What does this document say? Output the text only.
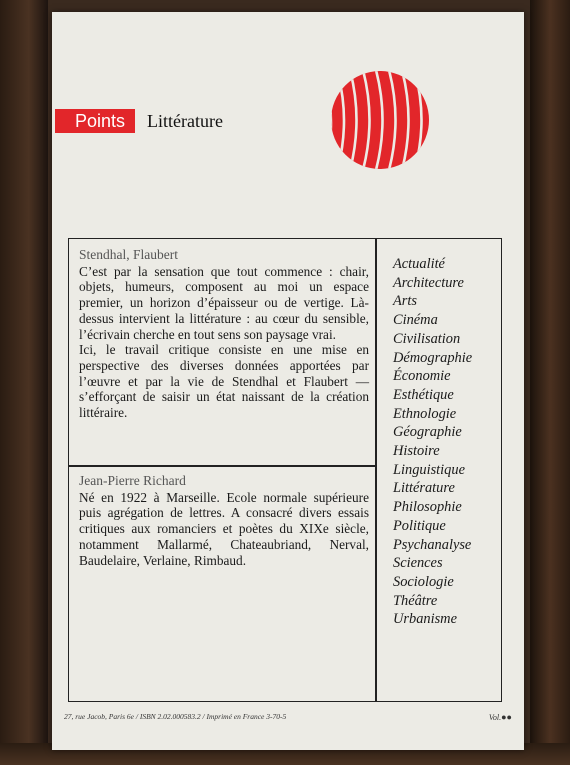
Points	Littérature
Stendhal, Flaubert

C’est par la sensation que tout commence : chair, objets, humeurs, composent au moi un espace premier, un horizon d’épaisseur ou de vertige. Là-dessus intervient la littérature : au cœur du sensible, l’écrivain cherche en tout sens son paysage vrai.

Ici, le travail critique consiste en une mise en perspective des diverses données apportées par l’œuvre et par la vie de Stendhal et Flaubert — s’efforçant de saisir un état naissant de la création littéraire.

Jean-Pierre Richard

Né en 1922 à Marseille. Ecole normale supérieure puis agrégation de lettres. A consacré divers essais critiques aux romanciers et poètes du XIXe siècle, notamment Mallarmé, Chateaubriand, Nerval, Baudelaire, Verlaine, Rimbaud.

Actualité
Architecture
Arts
Cinéma
Civilisation
Démographie
Économie
Esthétique
Ethnologie
Géographie
Histoire
Linguistique
Littérature
Philosophie
Politique
Psychanalyse
Sciences
Sociologie
Théâtre
Urbanisme
27, rue Jacob, Paris 6e / ISBN 2.02.000583.2 / Imprimé en France 3-70-5	Vol.●●
